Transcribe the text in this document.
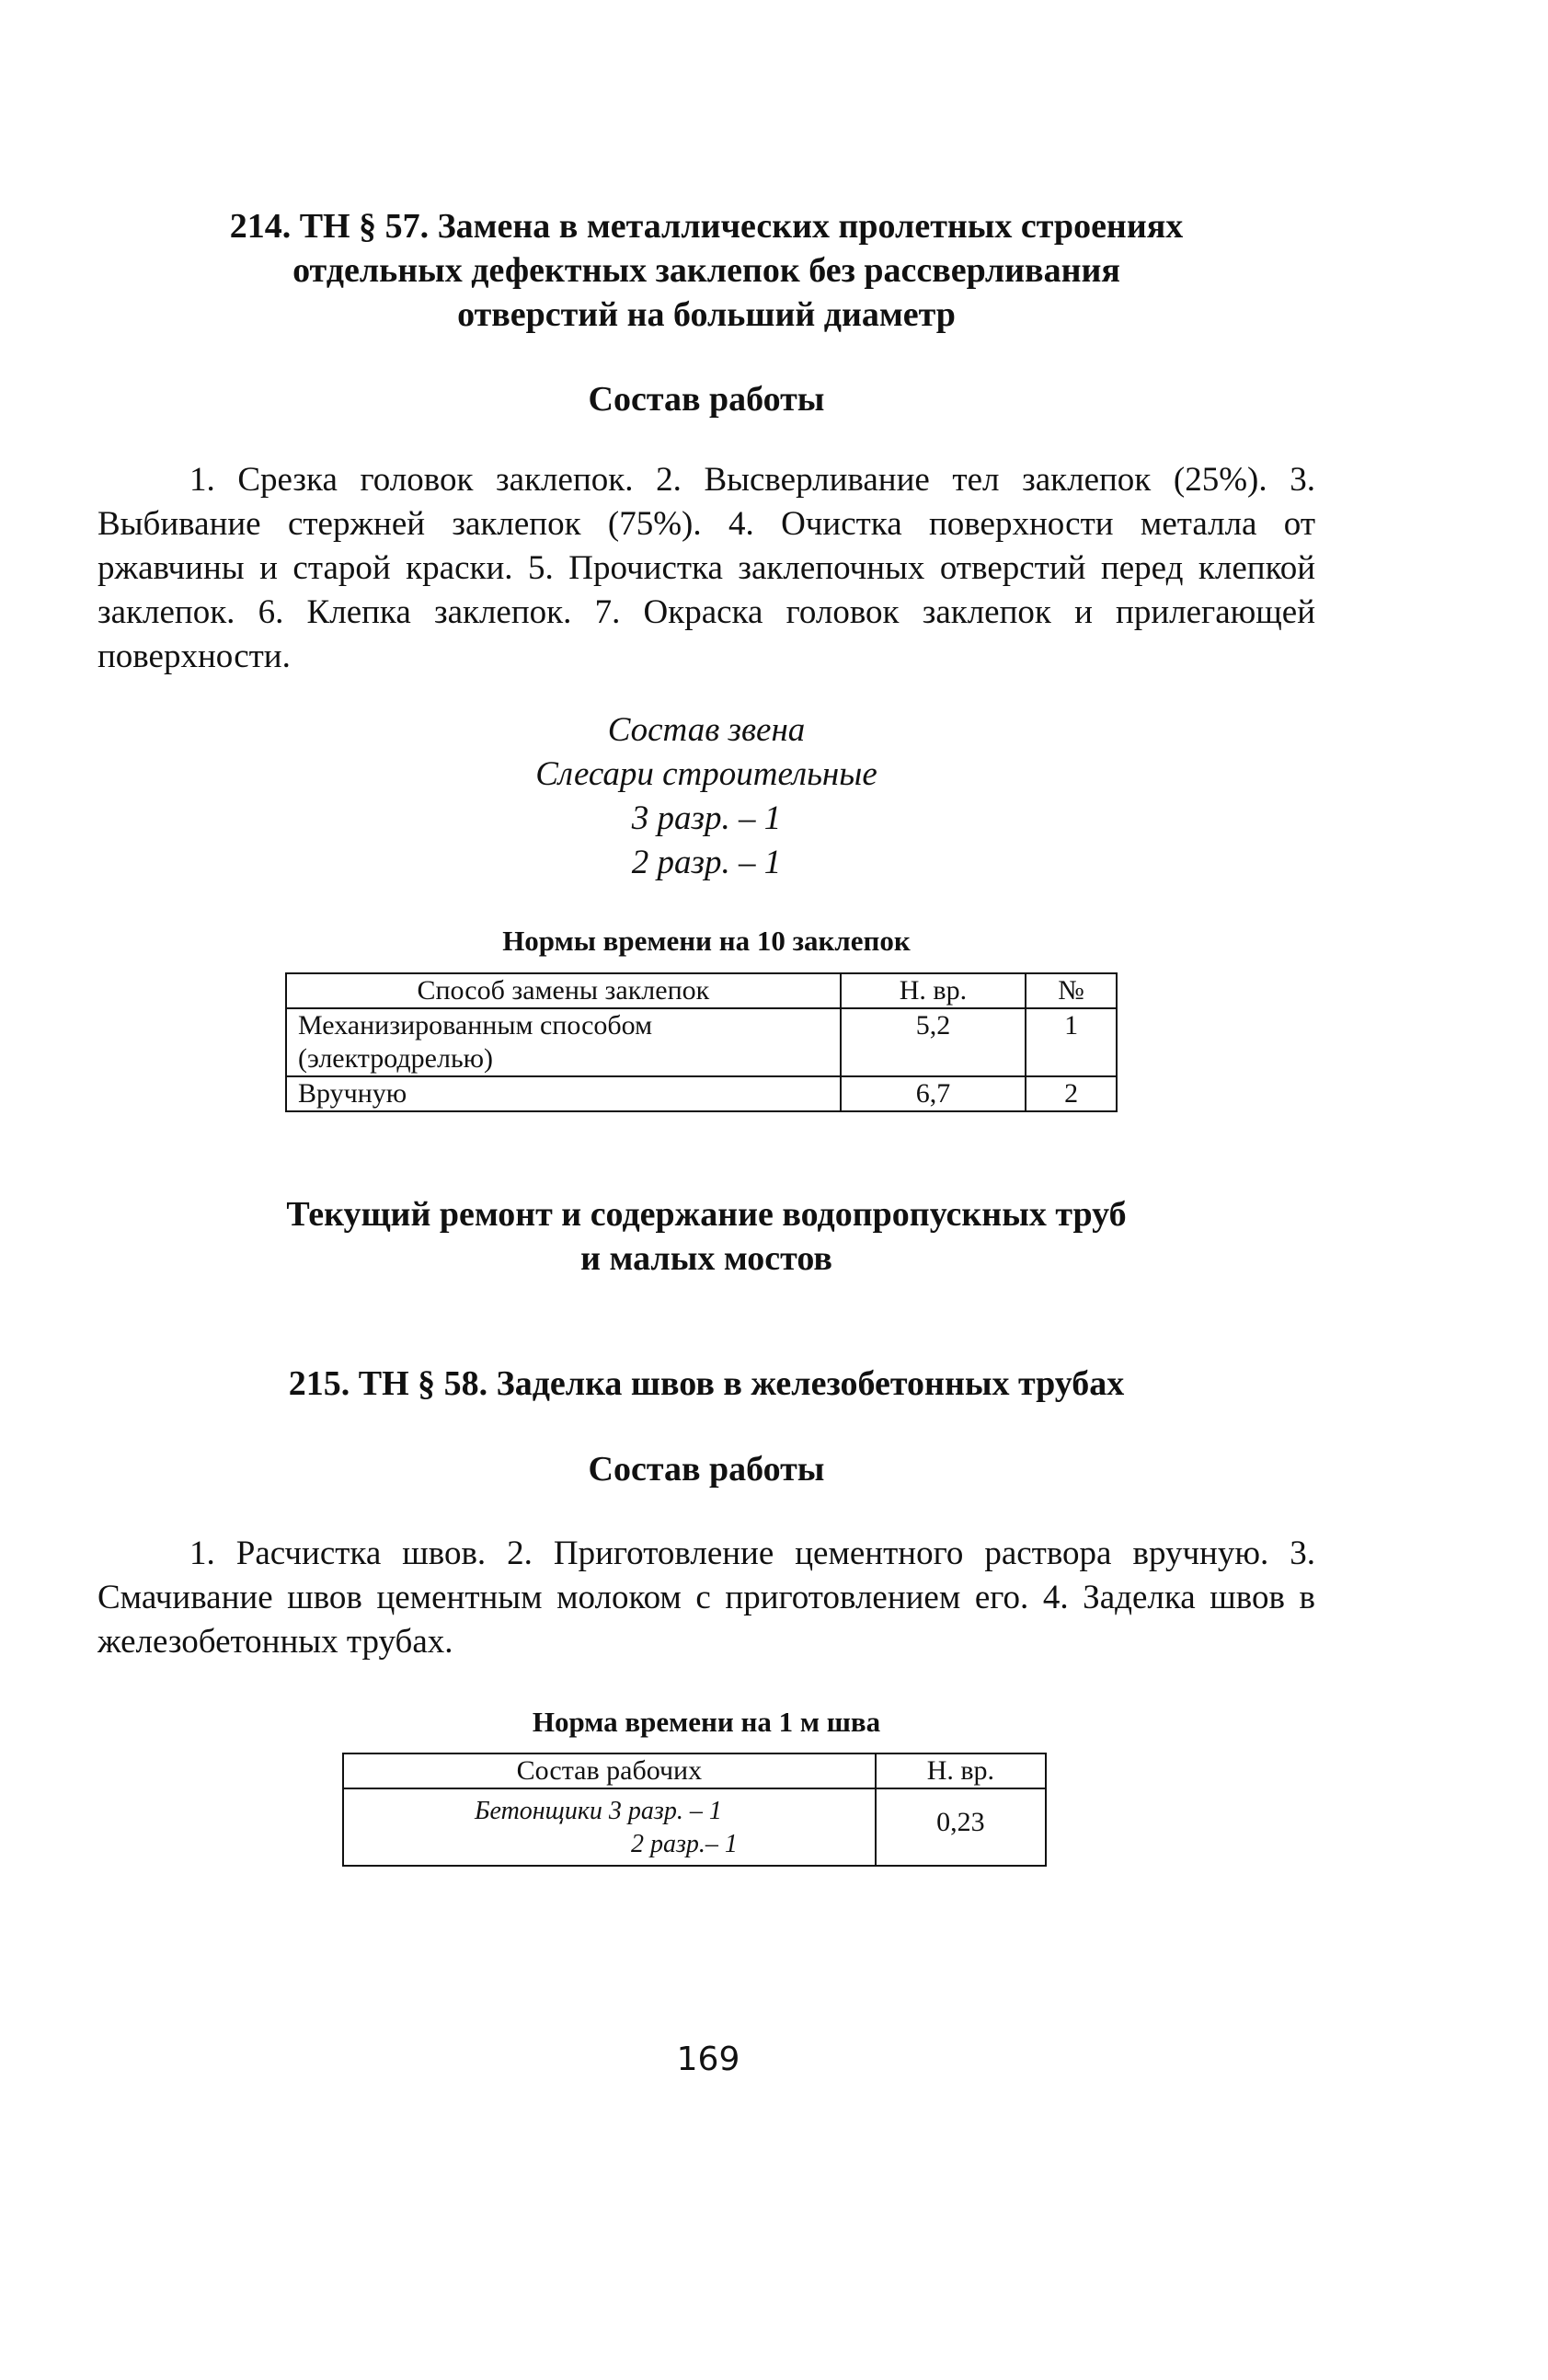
214. ТН § 57. Замена в металлических пролетных строениях

отдельных дефектных заклепок без рассверливания

отверстий на больший диаметр

Состав работы

1. Срезка головок заклепок. 2. Высверливание тел заклепок (25%). 3. Выбивание стержней заклепок (75%). 4. Очистка поверхности металла от ржавчины и старой краски. 5. Прочистка заклепочных отверстий перед клепкой заклепок. 6. Клепка заклепок. 7. Окраска головок заклепок и прилегающей поверхности.

Состав звена
Слесари строительные
3 разр. – 1
2 разр. – 1
Нормы времени на 10 заклепок
Способ замены заклепок	Н. вр.	№
Механизированным способом (электродрелью)	5,2	1
Вручную	6,7	2

Текущий ремонт и содержание водопропускных труб

и малых мостов

215. ТН § 58. Заделка швов в железобетонных трубах

Состав работы

1. Расчистка швов. 2. Приготовление цементного раствора вручную. 3. Смачивание швов цементным молоком с приготовлением его. 4. Заделка швов в железобетонных трубах.

Норма времени на 1 м шва
Состав рабочих	Н. вр.

Бетонщики 3 разр. – 1
2 разр.– 1	0,23
169
